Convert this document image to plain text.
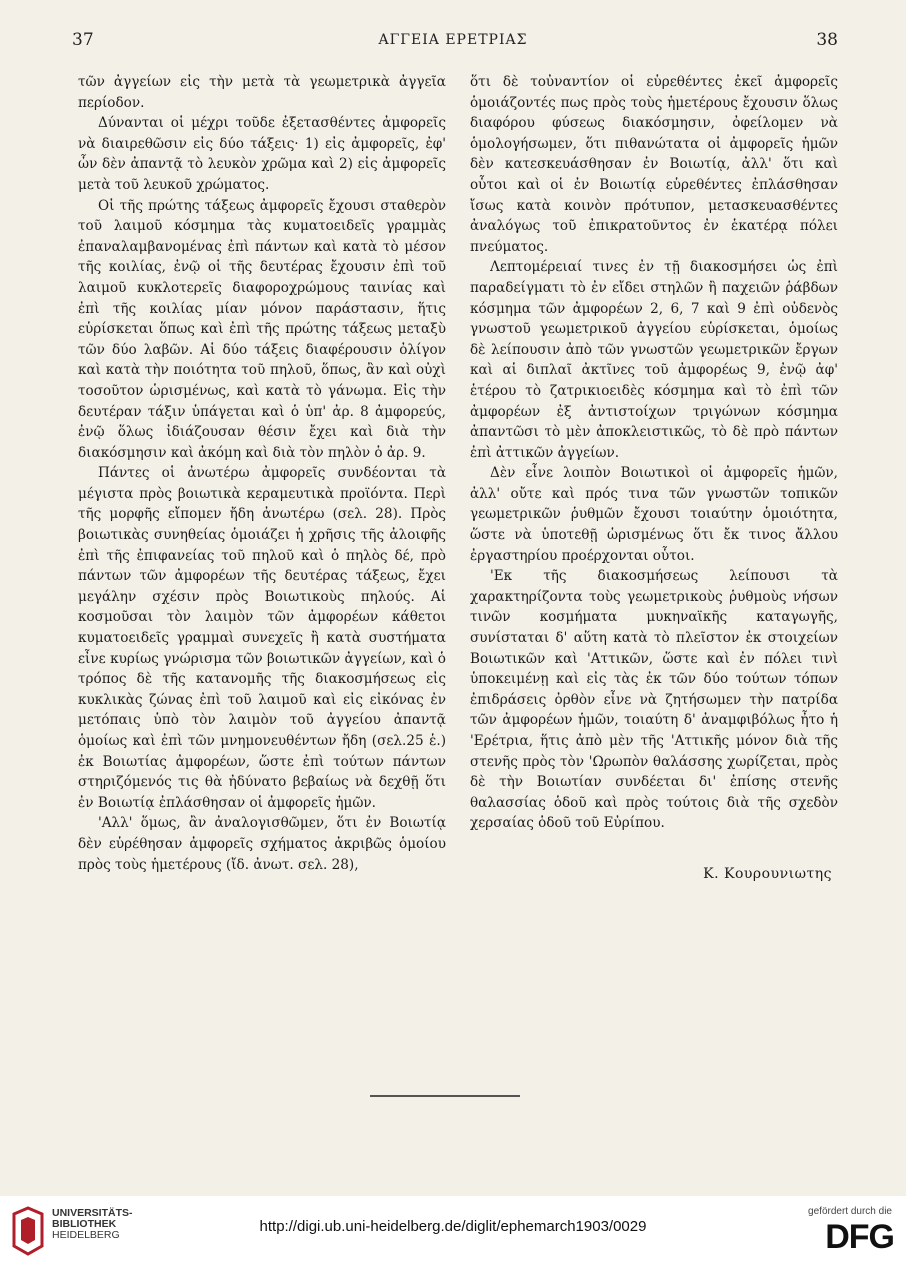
37	ΑΓΓΕΙΑ ΕΡΕΤΡΙΑΣ	38

τῶν ἀγγείων εἰς τὴν μετὰ τὰ γεωμετρικὰ ἀγγεῖα περίοδον.

Δύνανται οἱ μέχρι τοῦδε ἐξετασθέντες ἀμφορεῖς νὰ διαιρεθῶσιν εἰς δύο τάξεις· 1) εἰς ἀμφορεῖς, ἐφ' ὧν δὲν ἀπαντᾷ τὸ λευκὸν χρῶμα καὶ 2) εἰς ἀμφορεῖς μετὰ τοῦ λευκοῦ χρώματος.

Οἱ τῆς πρώτης τάξεως ἀμφορεῖς ἔχουσι σταθερὸν τοῦ λαιμοῦ κόσμημα τὰς κυματοειδεῖς γραμμὰς ἐπαναλαμβανομένας ἐπὶ πάντων καὶ κατὰ τὸ μέσον τῆς κοιλίας, ἐνῷ οἱ τῆς δευτέρας ἔχουσιν ἐπὶ τοῦ λαιμοῦ κυκλοτερεῖς διαφοροχρώμους ταινίας καὶ ἐπὶ τῆς κοιλίας μίαν μόνον παράστασιν, ἥτις εὑρίσκεται ὅπως καὶ ἐπὶ τῆς πρώτης τάξεως μεταξὺ τῶν δύο λαβῶν. Αἱ δύο τάξεις διαφέρουσιν ὀλίγον καὶ κατὰ τὴν ποιότητα τοῦ πηλοῦ, ὅπως, ἂν καὶ οὐχὶ τοσοῦτον ὡρισμένως, καὶ κατὰ τὸ γάνωμα. Εἰς τὴν δευτέραν τάξιν ὑπάγεται καὶ ὁ ὑπ' ἀρ. 8 ἀμφορεύς, ἐνῷ ὅλως ἰδιάζουσαν θέσιν ἔχει καὶ διὰ τὴν διακόσμησιν καὶ ἀκόμη καὶ διὰ τὸν πηλὸν ὁ ἀρ. 9.

Πάντες οἱ ἀνωτέρω ἀμφορεῖς συνδέονται τὰ μέγιστα πρὸς βοιωτικὰ κεραμευτικὰ προϊόντα. Περὶ τῆς μορφῆς εἴπομεν ἤδη ἀνωτέρω (σελ. 28). Πρὸς βοιωτικὰς συνηθείας ὁμοιάζει ἡ χρῆσις τῆς ἀλοιφῆς ἐπὶ τῆς ἐπιφανείας τοῦ πηλοῦ καὶ ὁ πηλὸς δέ, πρὸ πάντων τῶν ἀμφορέων τῆς δευτέρας τάξεως, ἔχει μεγάλην σχέσιν πρὸς Βοιωτικοὺς πηλούς. Αἱ κοσμοῦσαι τὸν λαιμὸν τῶν ἀμφορέων κάθετοι κυματοειδεῖς γραμμαὶ συνεχεῖς ἢ κατὰ συστήματα εἶνε κυρίως γνώρισμα τῶν βοιωτικῶν ἀγγείων, καὶ ὁ τρόπος δὲ τῆς κατανομῆς τῆς διακοσμήσεως εἰς κυκλικὰς ζώνας ἐπὶ τοῦ λαιμοῦ καὶ εἰς εἰκόνας ἐν μετόπαις ὑπὸ τὸν λαιμὸν τοῦ ἀγγείου ἀπαντᾷ ὁμοίως καὶ ἐπὶ τῶν μνημονευθέντων ἤδη (σελ.25 ἑ.) ἐκ Βοιωτίας ἀμφορέων, ὥστε ἐπὶ τούτων πάντων στηριζόμενός τις θὰ ἠδύνατο βεβαίως νὰ δεχθῇ ὅτι ἐν Βοιωτίᾳ ἐπλάσθησαν οἱ ἀμφορεῖς ἡμῶν.

'Αλλ' ὅμως, ἂν ἀναλογισθῶμεν, ὅτι ἐν Βοιωτίᾳ δὲν εὑρέθησαν ἀμφορεῖς σχήματος ἀκριβῶς ὁμοίου πρὸς τοὺς ἡμετέρους (ἴδ. ἀνωτ. σελ. 28),

ὅτι δὲ τοὐναντίον οἱ εὑρεθέντες ἐκεῖ ἀμφορεῖς ὁμοιάζοντές πως πρὸς τοὺς ἡμετέρους ἔχουσιν ὅλως διαφόρου φύσεως διακόσμησιν, ὀφείλομεν νὰ ὁμολογήσωμεν, ὅτι πιθανώτατα οἱ ἀμφορεῖς ἡμῶν δὲν κατεσκευάσθησαν ἐν Βοιωτίᾳ, ἀλλ' ὅτι καὶ οὗτοι καὶ οἱ ἐν Βοιωτίᾳ εὑρεθέντες ἐπλάσθησαν ἴσως κατὰ κοινὸν πρότυπον, μετασκευασθέντες ἀναλόγως τοῦ ἐπικρατοῦντος ἐν ἑκατέρᾳ πόλει πνεύματος.

Λεπτομέρειαί τινες ἐν τῇ διακοσμήσει ὡς ἐπὶ παραδείγματι τὸ ἐν εἴδει στηλῶν ἢ παχειῶν ῥάβδων κόσμημα τῶν ἀμφορέων 2, 6, 7 καὶ 9 ἐπὶ οὐδενὸς γνωστοῦ γεωμετρικοῦ ἀγγείου εὑρίσκεται, ὁμοίως δὲ λείπουσιν ἀπὸ τῶν γνωστῶν γεωμετρικῶν ἔργων καὶ αἱ διπλαῖ ἀκτῖνες τοῦ ἀμφορέως 9, ἐνῷ ἀφ' ἑτέρου τὸ ζατρικιοειδὲς κόσμημα καὶ τὸ ἐπὶ τῶν ἀμφορέων ἐξ ἀντιστοίχων τριγώνων κόσμημα ἀπαντῶσι τὸ μὲν ἀποκλειστικῶς, τὸ δὲ πρὸ πάντων ἐπὶ ἀττικῶν ἀγγείων.

Δὲν εἶνε λοιπὸν Βοιωτικοὶ οἱ ἀμφορεῖς ἡμῶν, ἀλλ' οὔτε καὶ πρός τινα τῶν γνωστῶν τοπικῶν γεωμετρικῶν ῥυθμῶν ἔχουσι τοιαύτην ὁμοιότητα, ὥστε νὰ ὑποτεθῇ ὡρισμένως ὅτι ἔκ τινος ἄλλου ἐργαστηρίου προέρχονται οὗτοι.

'Εκ τῆς διακοσμήσεως λείπουσι τὰ χαρακτηρίζοντα τοὺς γεωμετρικοὺς ῥυθμοὺς νήσων τινῶν κοσμήματα μυκηναϊκῆς καταγωγῆς, συνίσταται δ' αὕτη κατὰ τὸ πλεῖστον ἐκ στοιχείων Βοιωτικῶν καὶ 'Αττικῶν, ὥστε καὶ ἐν πόλει τινὶ ὑποκειμένῃ καὶ εἰς τὰς ἐκ τῶν δύο τούτων τόπων ἐπιδράσεις ὀρθὸν εἶνε νὰ ζητήσωμεν τὴν πατρίδα τῶν ἀμφορέων ἡμῶν, τοιαύτη δ' ἀναμφιβόλως ἦτο ἡ 'Ερέτρια, ἥτις ἀπὸ μὲν τῆς 'Αττικῆς μόνον διὰ τῆς στενῆς πρὸς τὸν 'Ωρωπὸν θαλάσσης χωρίζεται, πρὸς δὲ τὴν Βοιωτίαν συνδέεται δι' ἐπίσης στενῆς θαλασσίας ὁδοῦ καὶ πρὸς τούτοις διὰ τῆς σχεδὸν χερσαίας ὁδοῦ τοῦ Εὐρίπου.

Κ. Κουρουνιωτης
UNIVERSITÄTS-
BIBLIOTHEK
HEIDELBERG	http://digi.ub.uni-heidelberg.de/diglit/ephemarch1903/0029
gefördert durch die
DFG
